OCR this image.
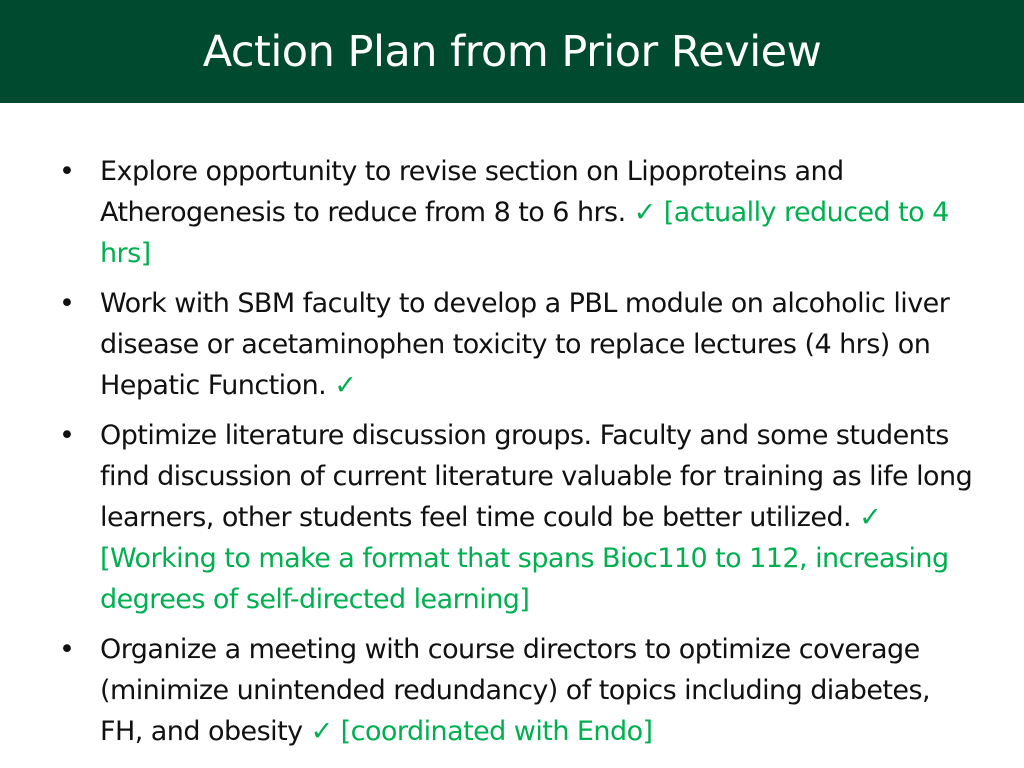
Action Plan from Prior Review
• Explore opportunity to revise section on Lipoproteins and Atherogenesis to reduce from 8 to 6 hrs. ✓ [actually reduced to 4 hrs]
• Work with SBM faculty to develop a PBL module on alcoholic liver disease or acetaminophen toxicity to replace lectures (4 hrs) on Hepatic Function. ✓
• Optimize literature discussion groups. Faculty and some students find discussion of current literature valuable for training as life long learners, other students feel time could be better utilized. ✓ [Working to make a format that spans Bioc110 to 112, increasing degrees of self-directed learning]
• Organize a meeting with course directors to optimize coverage (minimize unintended redundancy) of topics including diabetes, FH, and obesity ✓ [coordinated with Endo]
